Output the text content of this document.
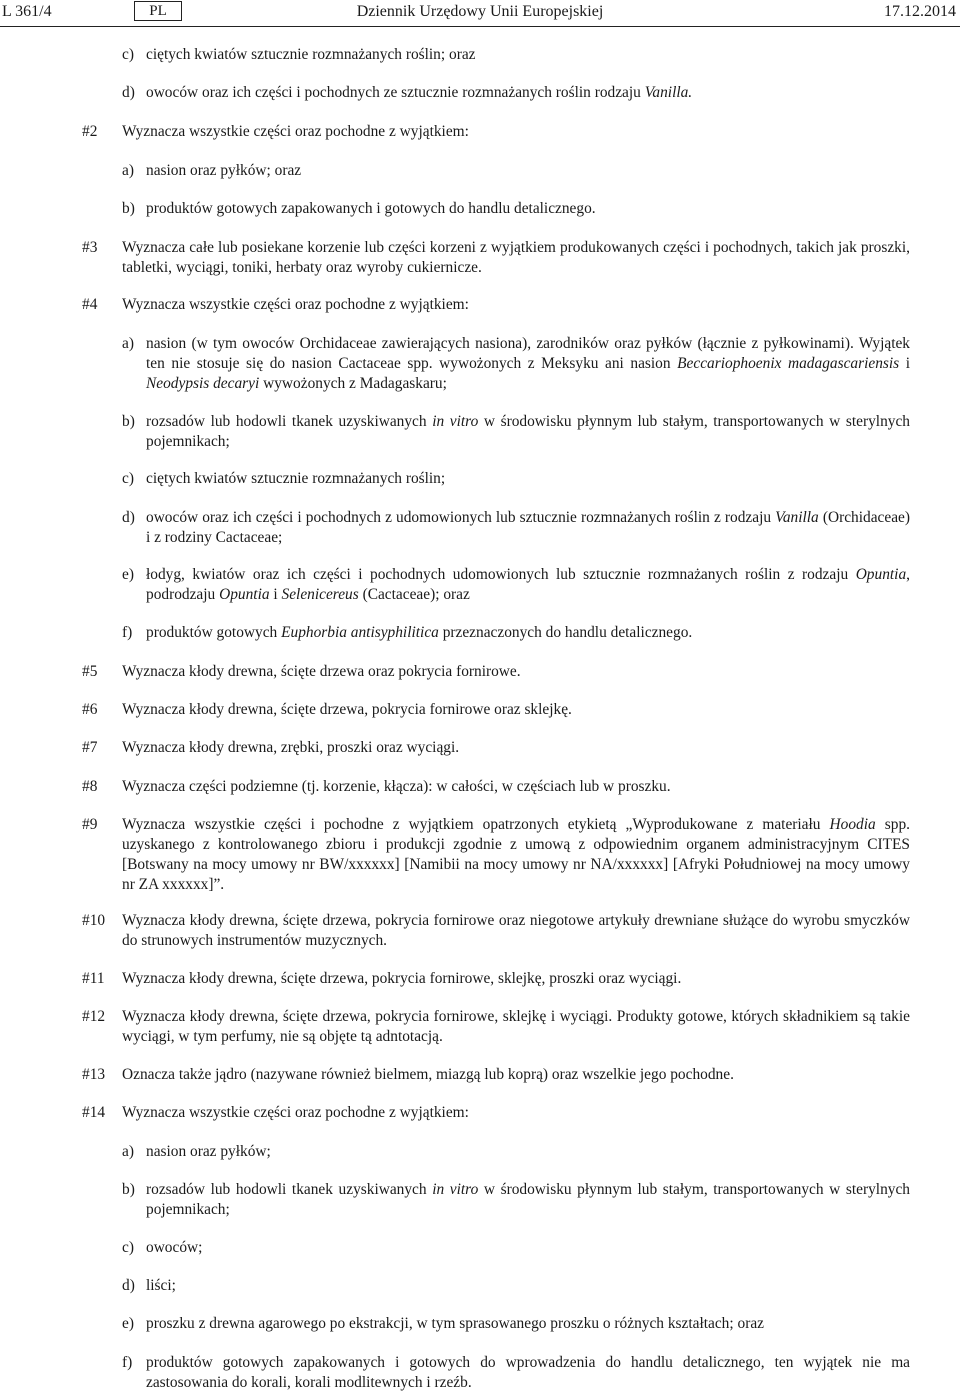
L 361/4	PL	Dziennik Urzędowy Unii Europejskiej	17.12.2014
c) ciętych kwiatów sztucznie rozmnażanych roślin; oraz
d) owoców oraz ich części i pochodnych ze sztucznie rozmnażanych roślin rodzaju Vanilla.
#2 Wyznacza wszystkie części oraz pochodne z wyjątkiem:
a) nasion oraz pyłków; oraz
b) produktów gotowych zapakowanych i gotowych do handlu detalicznego.
#3 Wyznacza całe lub posiekane korzenie lub części korzeni z wyjątkiem produkowanych części i pochodnych, takich jak proszki, tabletki, wyciągi, toniki, herbaty oraz wyroby cukiernicze.
#4 Wyznacza wszystkie części oraz pochodne z wyjątkiem:
a) nasion (w tym owoców Orchidaceae zawierających nasiona), zarodników oraz pyłków (łącznie z pyłkowinami). Wyjątek ten nie stosuje się do nasion Cactaceae spp. wywożonych z Meksyku ani nasion Beccariophoenix madagascariensis i Neodypsis decaryi wywożonych z Madagaskaru;
b) rozsadów lub hodowli tkanek uzyskiwanych in vitro w środowisku płynnym lub stałym, transportowanych w sterylnych pojemnikach;
c) ciętych kwiatów sztucznie rozmnażanych roślin;
d) owoców oraz ich części i pochodnych z udomowionych lub sztucznie rozmnażanych roślin z rodzaju Vanilla (Orchidaceae) i z rodziny Cactaceae;
e) łodyg, kwiatów oraz ich części i pochodnych udomowionych lub sztucznie rozmnażanych roślin z rodzaju Opuntia, podrodzaju Opuntia i Selenicereus (Cactaceae); oraz
f) produktów gotowych Euphorbia antisyphilitica przeznaczonych do handlu detalicznego.
#5 Wyznacza kłody drewna, ścięte drzewa oraz pokrycia fornirowe.
#6 Wyznacza kłody drewna, ścięte drzewa, pokrycia fornirowe oraz sklejkę.
#7 Wyznacza kłody drewna, zrębki, proszki oraz wyciągi.
#8 Wyznacza części podziemne (tj. korzenie, kłącza): w całości, w częściach lub w proszku.
#9 Wyznacza wszystkie części i pochodne z wyjątkiem opatrzonych etykietą „Wyprodukowane z materiału Hoodia spp. uzyskanego z kontrolowanego zbioru i produkcji zgodnie z umową z odpowiednim organem administracyjnym CITES [Botswany na mocy umowy nr BW/xxxxxx] [Namibii na mocy umowy nr NA/xxxxxx] [Afryki Południowej na mocy umowy nr ZA xxxxxx]”.
#10 Wyznacza kłody drewna, ścięte drzewa, pokrycia fornirowe oraz niegotowe artykuły drewniane służące do wyrobu smyczków do strunowych instrumentów muzycznych.
#11 Wyznacza kłody drewna, ścięte drzewa, pokrycia fornirowe, sklejkę, proszki oraz wyciągi.
#12 Wyznacza kłody drewna, ścięte drzewa, pokrycia fornirowe, sklejkę i wyciągi. Produkty gotowe, których składnikiem są takie wyciągi, w tym perfumy, nie są objęte tą adntotacją.
#13 Oznacza także jądro (nazywane również bielmem, miazgą lub koprą) oraz wszelkie jego pochodne.
#14 Wyznacza wszystkie części oraz pochodne z wyjątkiem:
a) nasion oraz pyłków;
b) rozsadów lub hodowli tkanek uzyskiwanych in vitro w środowisku płynnym lub stałym, transportowanych w sterylnych pojemnikach;
c) owoców;
d) liści;
e) proszku z drewna agarowego po ekstrakcji, w tym sprasowanego proszku o różnych kształtach; oraz
f) produktów gotowych zapakowanych i gotowych do wprowadzenia do handlu detalicznego, ten wyjątek nie ma zastosowania do korali, korali modlitewnych i rzeźb.
